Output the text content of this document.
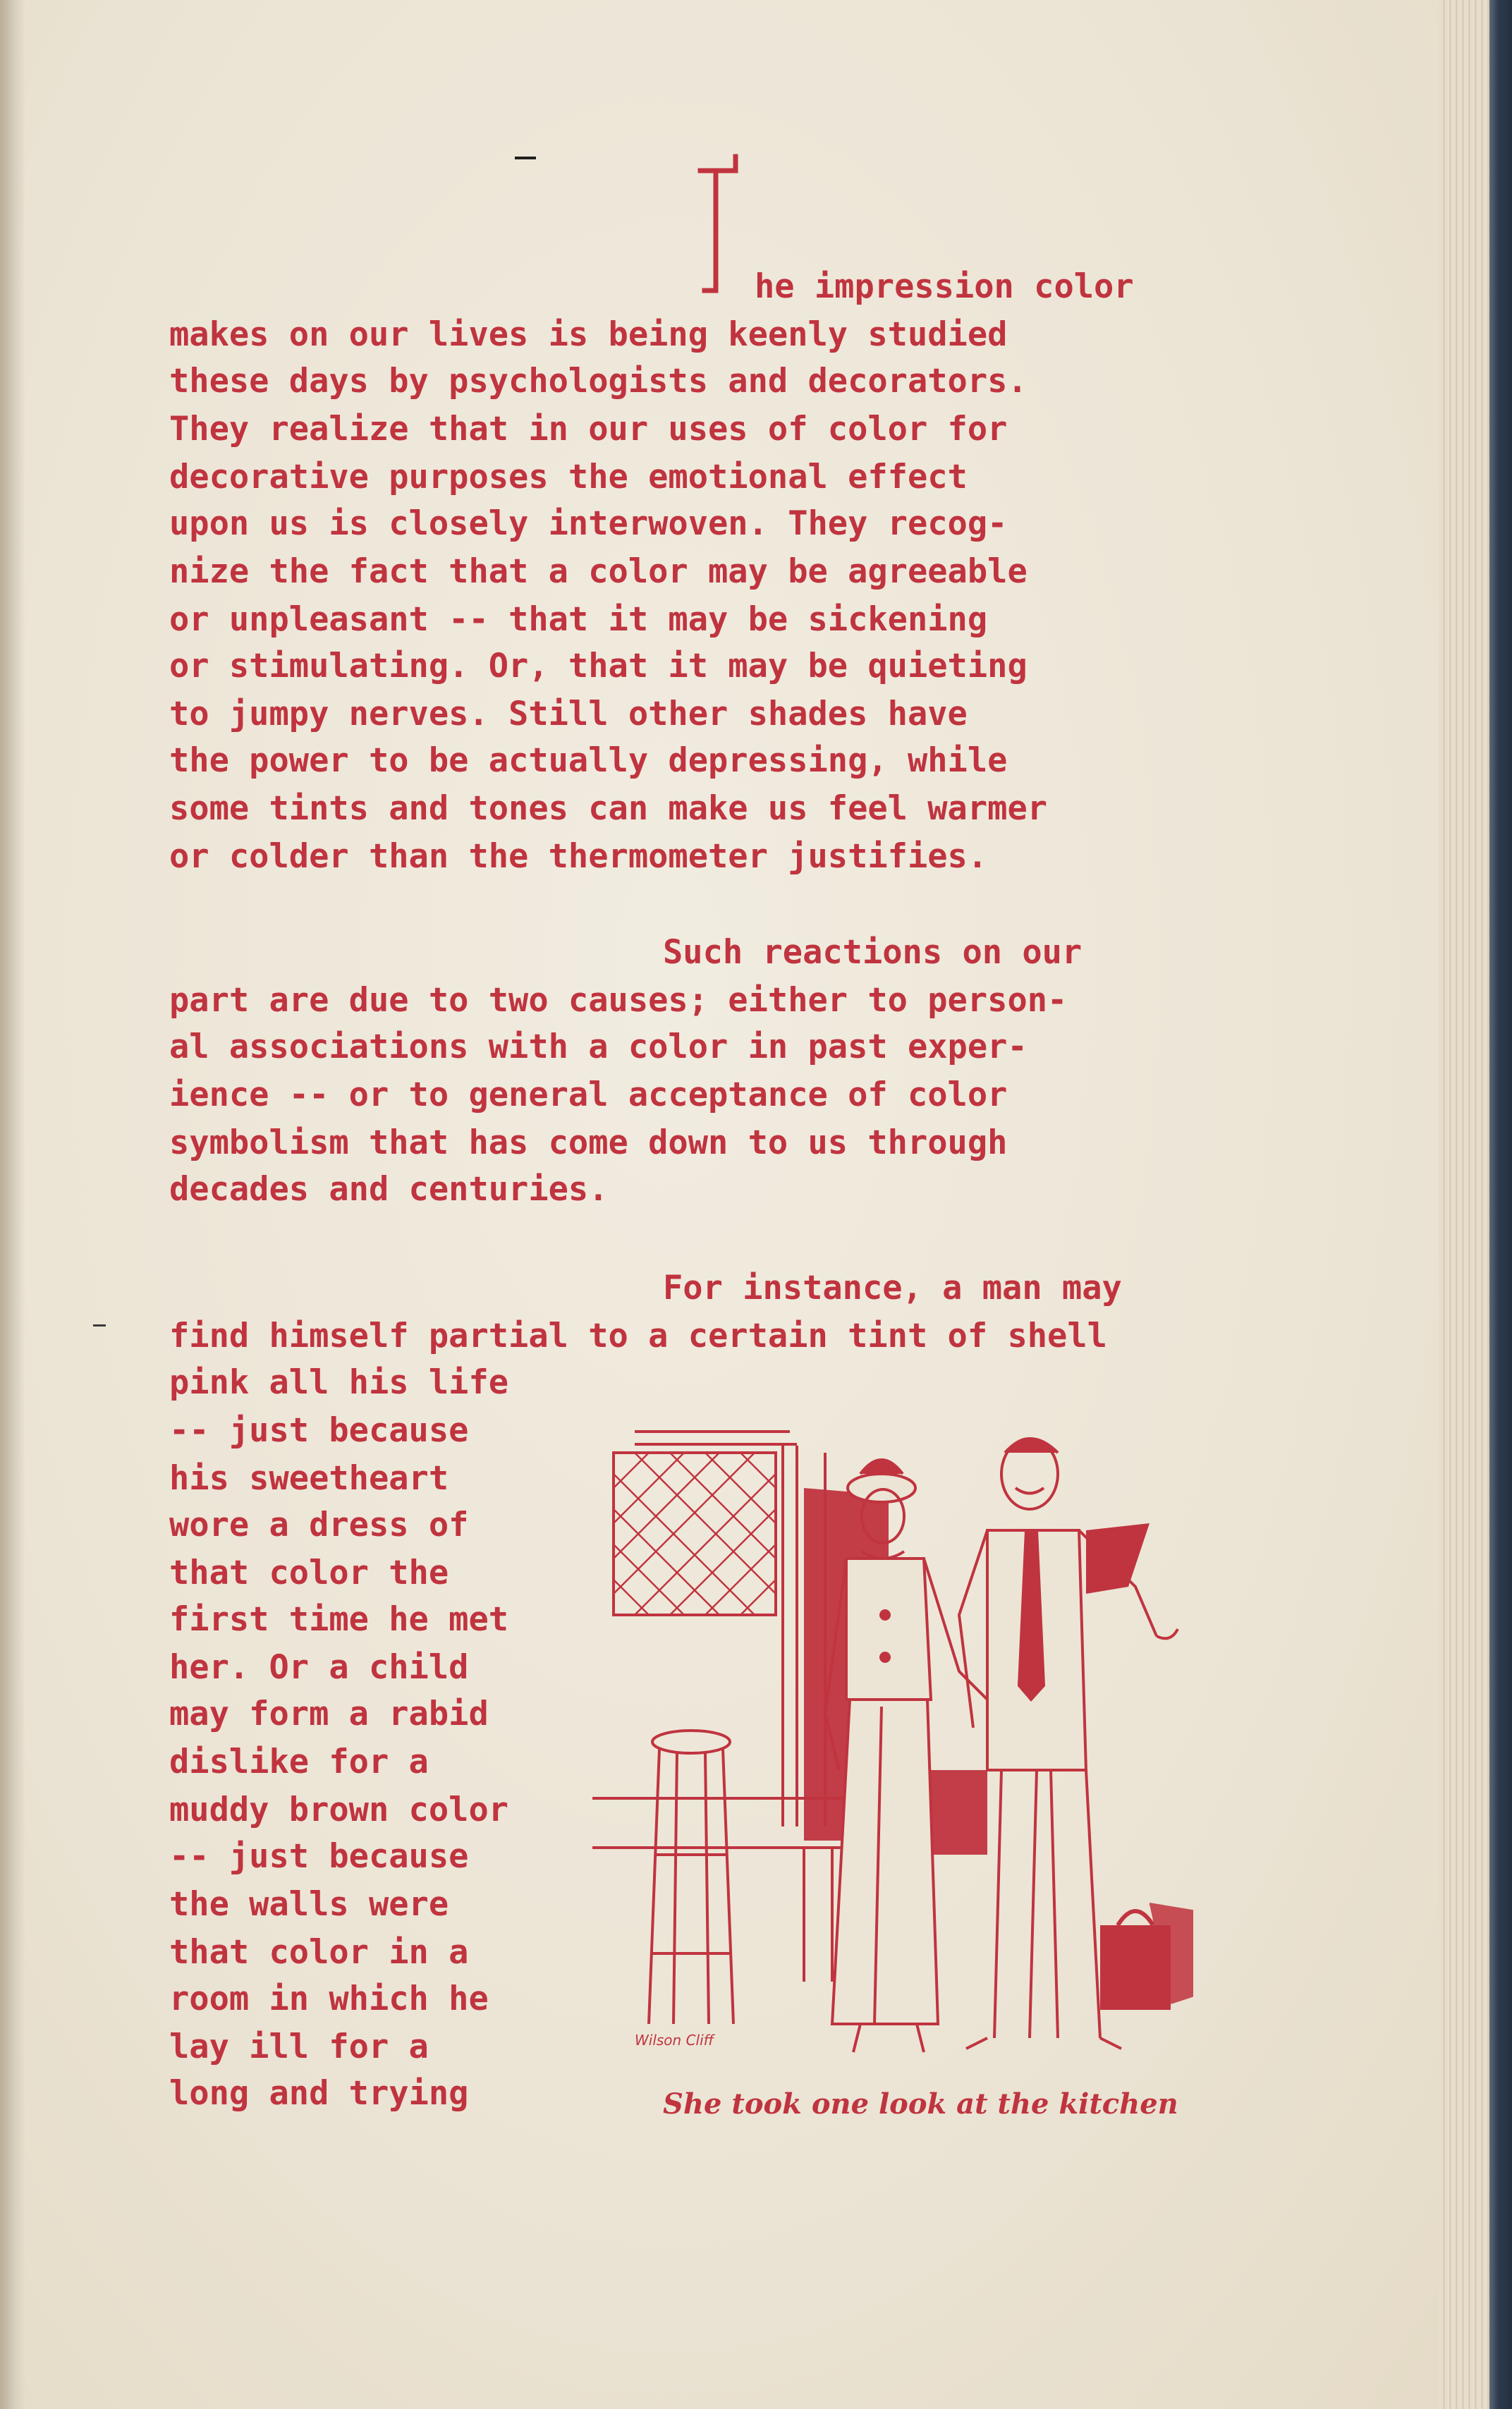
he impression color
makes on our lives is being keenly studied
these days by psychologists and decorators.
They realize that in our uses of color for
decorative purposes the emotional effect
upon us is closely interwoven. They recog-
nize the fact that a color may be agreeable
or unpleasant -- that it may be sickening
or stimulating. Or, that it may be quieting
to jumpy nerves. Still other shades have
the power to be actually depressing, while
some tints and tones can make us feel warmer
or colder than the thermometer justifies.
Such reactions on our
part are due to two causes; either to person-
al associations with a color in past exper-
ience -- or to general acceptance of color
symbolism that has come down to us through
decades and centuries.
For instance, a man may
find himself partial to a certain tint of shell
pink all his life
-- just because
his sweetheart
wore a dress of
that color the
first time he met
her. Or a child
may form a rabid
dislike for a
muddy brown color
-- just because
the walls were
that color in a
room in which he
lay ill for a
long and trying
Wilson Cliff
She took one look at the kitchen
